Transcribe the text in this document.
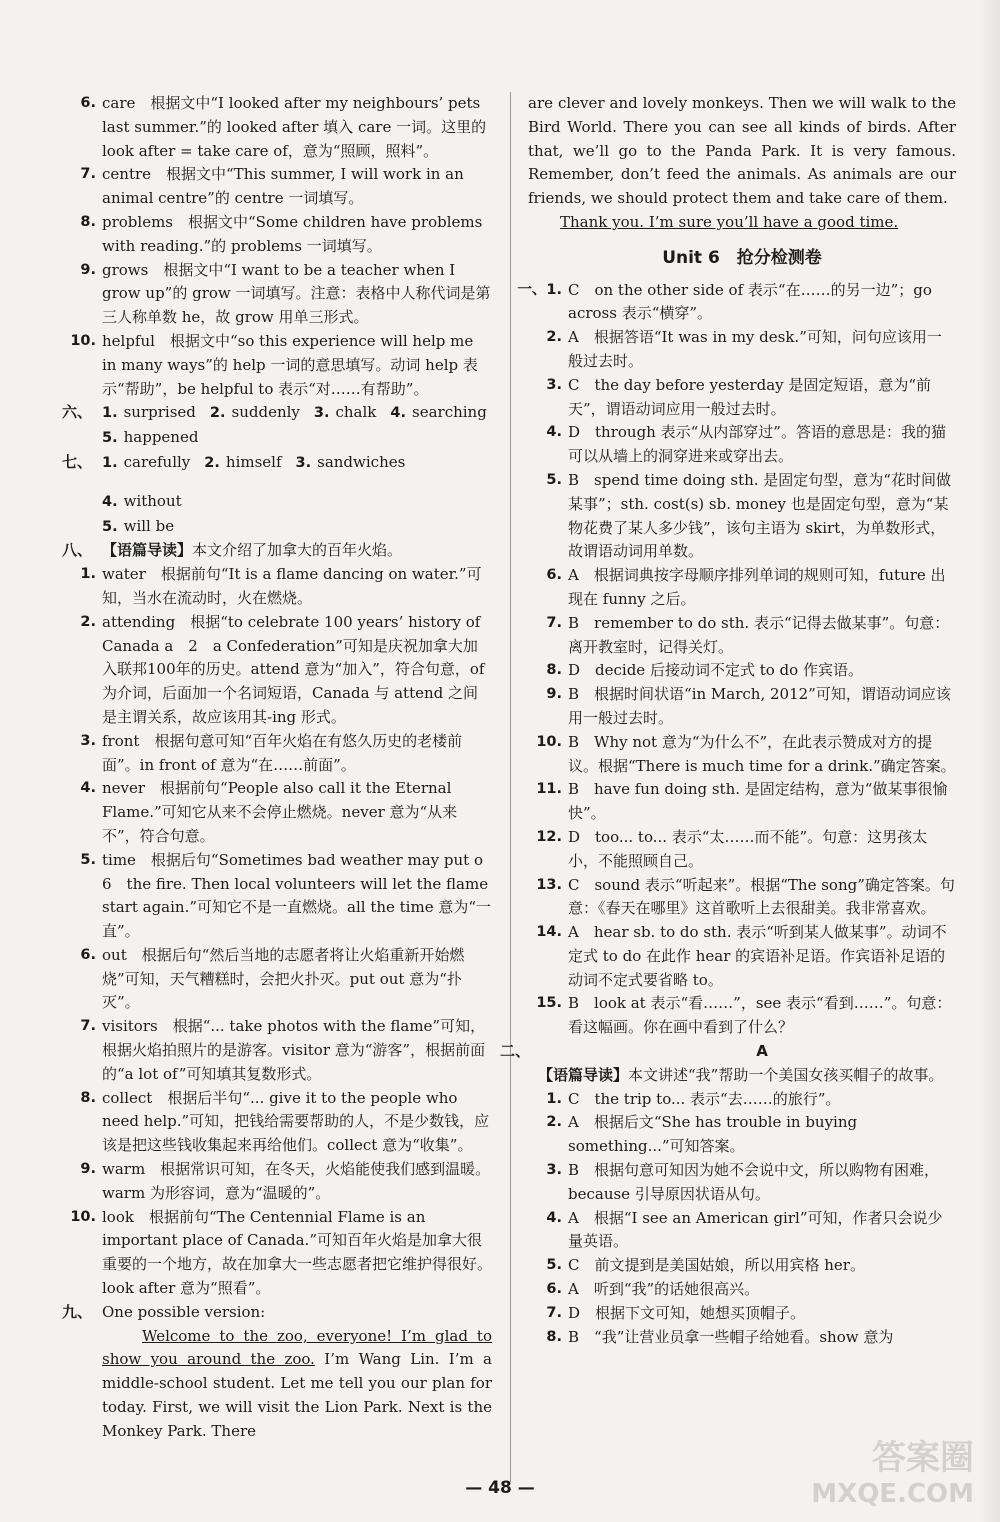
6. care　根据文中“I looked after my neighbours’ pets last summer.”的 looked after 填入 care 一词。这里的 look after = take care of，意为“照顾，照料”。

7. centre　根据文中“This summer, I will work in an animal centre”的 centre 一词填写。

8. problems　根据文中“Some children have problems with reading.”的 problems 一词填写。

9. grows　根据文中“I want to be a teacher when I grow up”的 grow 一词填写。注意：表格中人称代词是第三人称单数 he，故 grow 用单三形式。

10. helpful　根据文中“so this experience will help me in many ways”的 help 一词的意思填写。动词 help 表示“帮助”，be helpful to 表示“对……有帮助”。

六、 1. surprised 2. suddenly 3. chalk 4. searching
5. happened
七、 1. carefully 2. himself 3. sandwiches
4. without
5. will be
八、 【语篇导读】本文介绍了加拿大的百年火焰。

1. water　根据前句“It is a flame dancing on water.”可知，当水在流动时，火在燃烧。

2. attending　根据“to celebrate 100 years’ history of Canada a　2　a Confederation”可知是庆祝加拿大加入联邦100年的历史。attend 意为“加入”，符合句意，of 为介词，后面加一个名词短语，Canada 与 attend 之间是主谓关系，故应该用其-ing 形式。

3. front　根据句意可知“百年火焰在有悠久历史的老楼前面”。in front of 意为“在……前面”。

4. never　根据前句“People also call it the Eternal Flame.”可知它从来不会停止燃烧。never 意为“从来不”，符合句意。

5. time　根据后句“Sometimes bad weather may put o　6　the fire. Then local volunteers will let the flame start again.”可知它不是一直燃烧。all the time 意为“一直”。

6. out　根据后句“然后当地的志愿者将让火焰重新开始燃烧”可知，天气糟糕时，会把火扑灭。put out 意为“扑灭”。

7. visitors　根据“... take photos with the flame”可知，根据火焰拍照片的是游客。visitor 意为“游客”，根据前面的“a lot of”可知填其复数形式。

8. collect　根据后半句“... give it to the people who need help.”可知，把钱给需要帮助的人，不是少数钱，应该是把这些钱收集起来再给他们。collect 意为“收集”。

9. warm　根据常识可知，在冬天，火焰能使我们感到温暖。warm 为形容词，意为“温暖的”。

10. look　根据前句“The Centennial Flame is an important place of Canada.”可知百年火焰是加拿大很重要的一个地方，故在加拿大一些志愿者把它维护得很好。look after 意为“照看”。

九、 One possible version:

Welcome to the zoo, everyone! I’m glad to show you around the zoo. I’m Wang Lin. I’m a middle-school student. Let me tell you our plan for today. First, we will visit the Lion Park. Next is the Monkey Park. There

are clever and lovely monkeys. Then we will walk to the Bird World. There you can see all kinds of birds. After that, we’ll go to the Panda Park. It is very famous. Remember, don’t feed the animals. As animals are our friends, we should protect them and take care of them.

Thank you. I’m sure you’ll have a good time.

Unit 6　抢分检测卷

一、1. C　on the other side of 表示“在……的另一边”；go across 表示“横穿”。

2. A　根据答语“It was in my desk.”可知，问句应该用一般过去时。

3. C　the day before yesterday 是固定短语，意为“前天”，谓语动词应用一般过去时。

4. D　through 表示“从内部穿过”。答语的意思是：我的猫可以从墙上的洞穿进来或穿出去。

5. B　spend time doing sth. 是固定句型，意为“花时间做某事”；sth. cost(s) sb. money 也是固定句型，意为“某物花费了某人多少钱”，该句主语为 skirt，为单数形式，故谓语动词用单数。

6. A　根据词典按字母顺序排列单词的规则可知，future 出现在 funny 之后。

7. B　remember to do sth. 表示“记得去做某事”。句意：离开教室时，记得关灯。

8. D　decide 后接动词不定式 to do 作宾语。

9. B　根据时间状语“in March, 2012”可知，谓语动词应该用一般过去时。

10. B　Why not 意为“为什么不”，在此表示赞成对方的提议。根据“There is much time for a drink.”确定答案。

11. B　have fun doing sth. 是固定结构，意为“做某事很愉快”。

12. D　too... to... 表示“太……而不能”。句意：这男孩太小，不能照顾自己。

13. C　sound 表示“听起来”。根据“The song”确定答案。句意：《春天在哪里》这首歌听上去很甜美。我非常喜欢。

14. A　hear sb. to do sth. 表示“听到某人做某事”。动词不定式 to do 在此作 hear 的宾语补足语。作宾语补足语的动词不定式要省略 to。

15. B　look at 表示“看……”，see 表示“看到……”。句意：看这幅画。你在画中看到了什么？

二、	A
【语篇导读】本文讲述“我”帮助一个美国女孩买帽子的故事。

1. C　the trip to... 表示“去……的旅行”。

2. A　根据后文“She has trouble in buying something...”可知答案。

3. B　根据句意可知因为她不会说中文，所以购物有困难，because 引导原因状语从句。

4. A　根据“I see an American girl”可知，作者只会说少量英语。

5. C　前文提到是美国姑娘，所以用宾格 her。

6. A　听到“我”的话她很高兴。

7. D　根据下文可知，她想买顶帽子。

8. B　“我”让营业员拿一些帽子给她看。show 意为

— 48 —
答案圈
MXQE.COM
